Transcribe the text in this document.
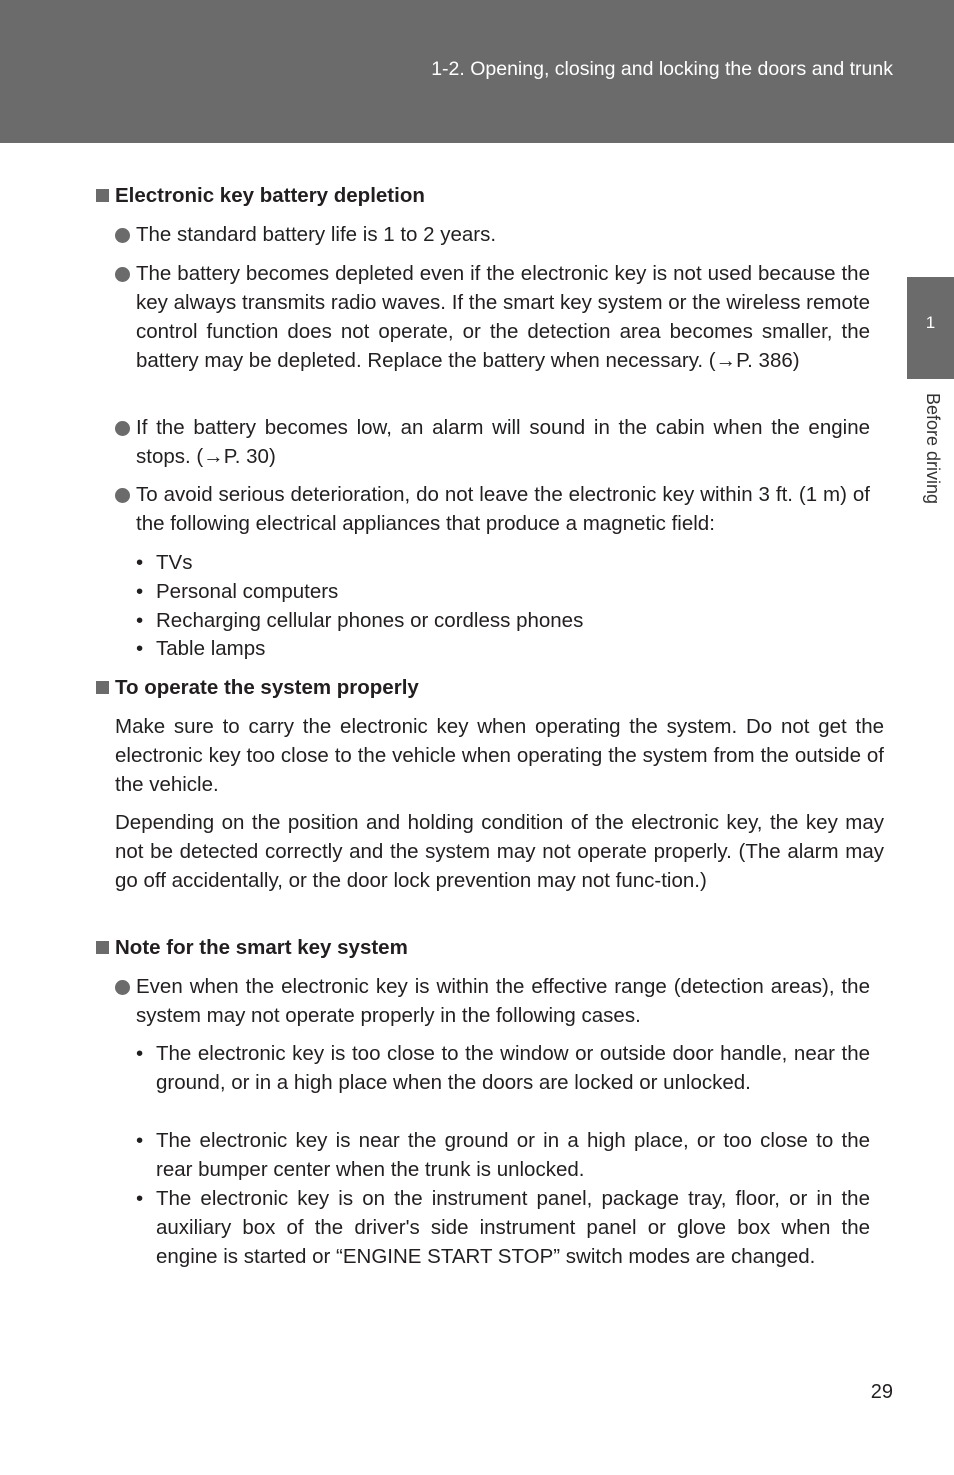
1-2. Opening, closing and locking the doors and trunk
1
Before driving
Electronic key battery depletion
The standard battery life is 1 to 2 years.
The battery becomes depleted even if the electronic key is not used because the key always transmits radio waves. If the smart key system or the wireless remote control function does not operate, or the detection area becomes smaller, the battery may be depleted. Replace the battery when necessary. (→P. 386)
If the battery becomes low, an alarm will sound in the cabin when the engine stops. (→P. 30)
To avoid serious deterioration, do not leave the electronic key within 3 ft. (1 m) of the following electrical appliances that produce a magnetic field:
• TVs
• Personal computers
• Recharging cellular phones or cordless phones
• Table lamps
To operate the system properly
Make sure to carry the electronic key when operating the system. Do not get the electronic key too close to the vehicle when operating the system from the outside of the vehicle.
Depending on the position and holding condition of the electronic key, the key may not be detected correctly and the system may not operate properly. (The alarm may go off accidentally, or the door lock prevention may not func-tion.)
Note for the smart key system
Even when the electronic key is within the effective range (detection areas), the system may not operate properly in the following cases.
• The electronic key is too close to the window or outside door handle, near the ground, or in a high place when the doors are locked or unlocked.
• The electronic key is near the ground or in a high place, or too close to the rear bumper center when the trunk is unlocked.
• The electronic key is on the instrument panel, package tray, floor, or in the auxiliary box of the driver's side instrument panel or glove box when the engine is started or “ENGINE START STOP” switch modes are changed.
29
